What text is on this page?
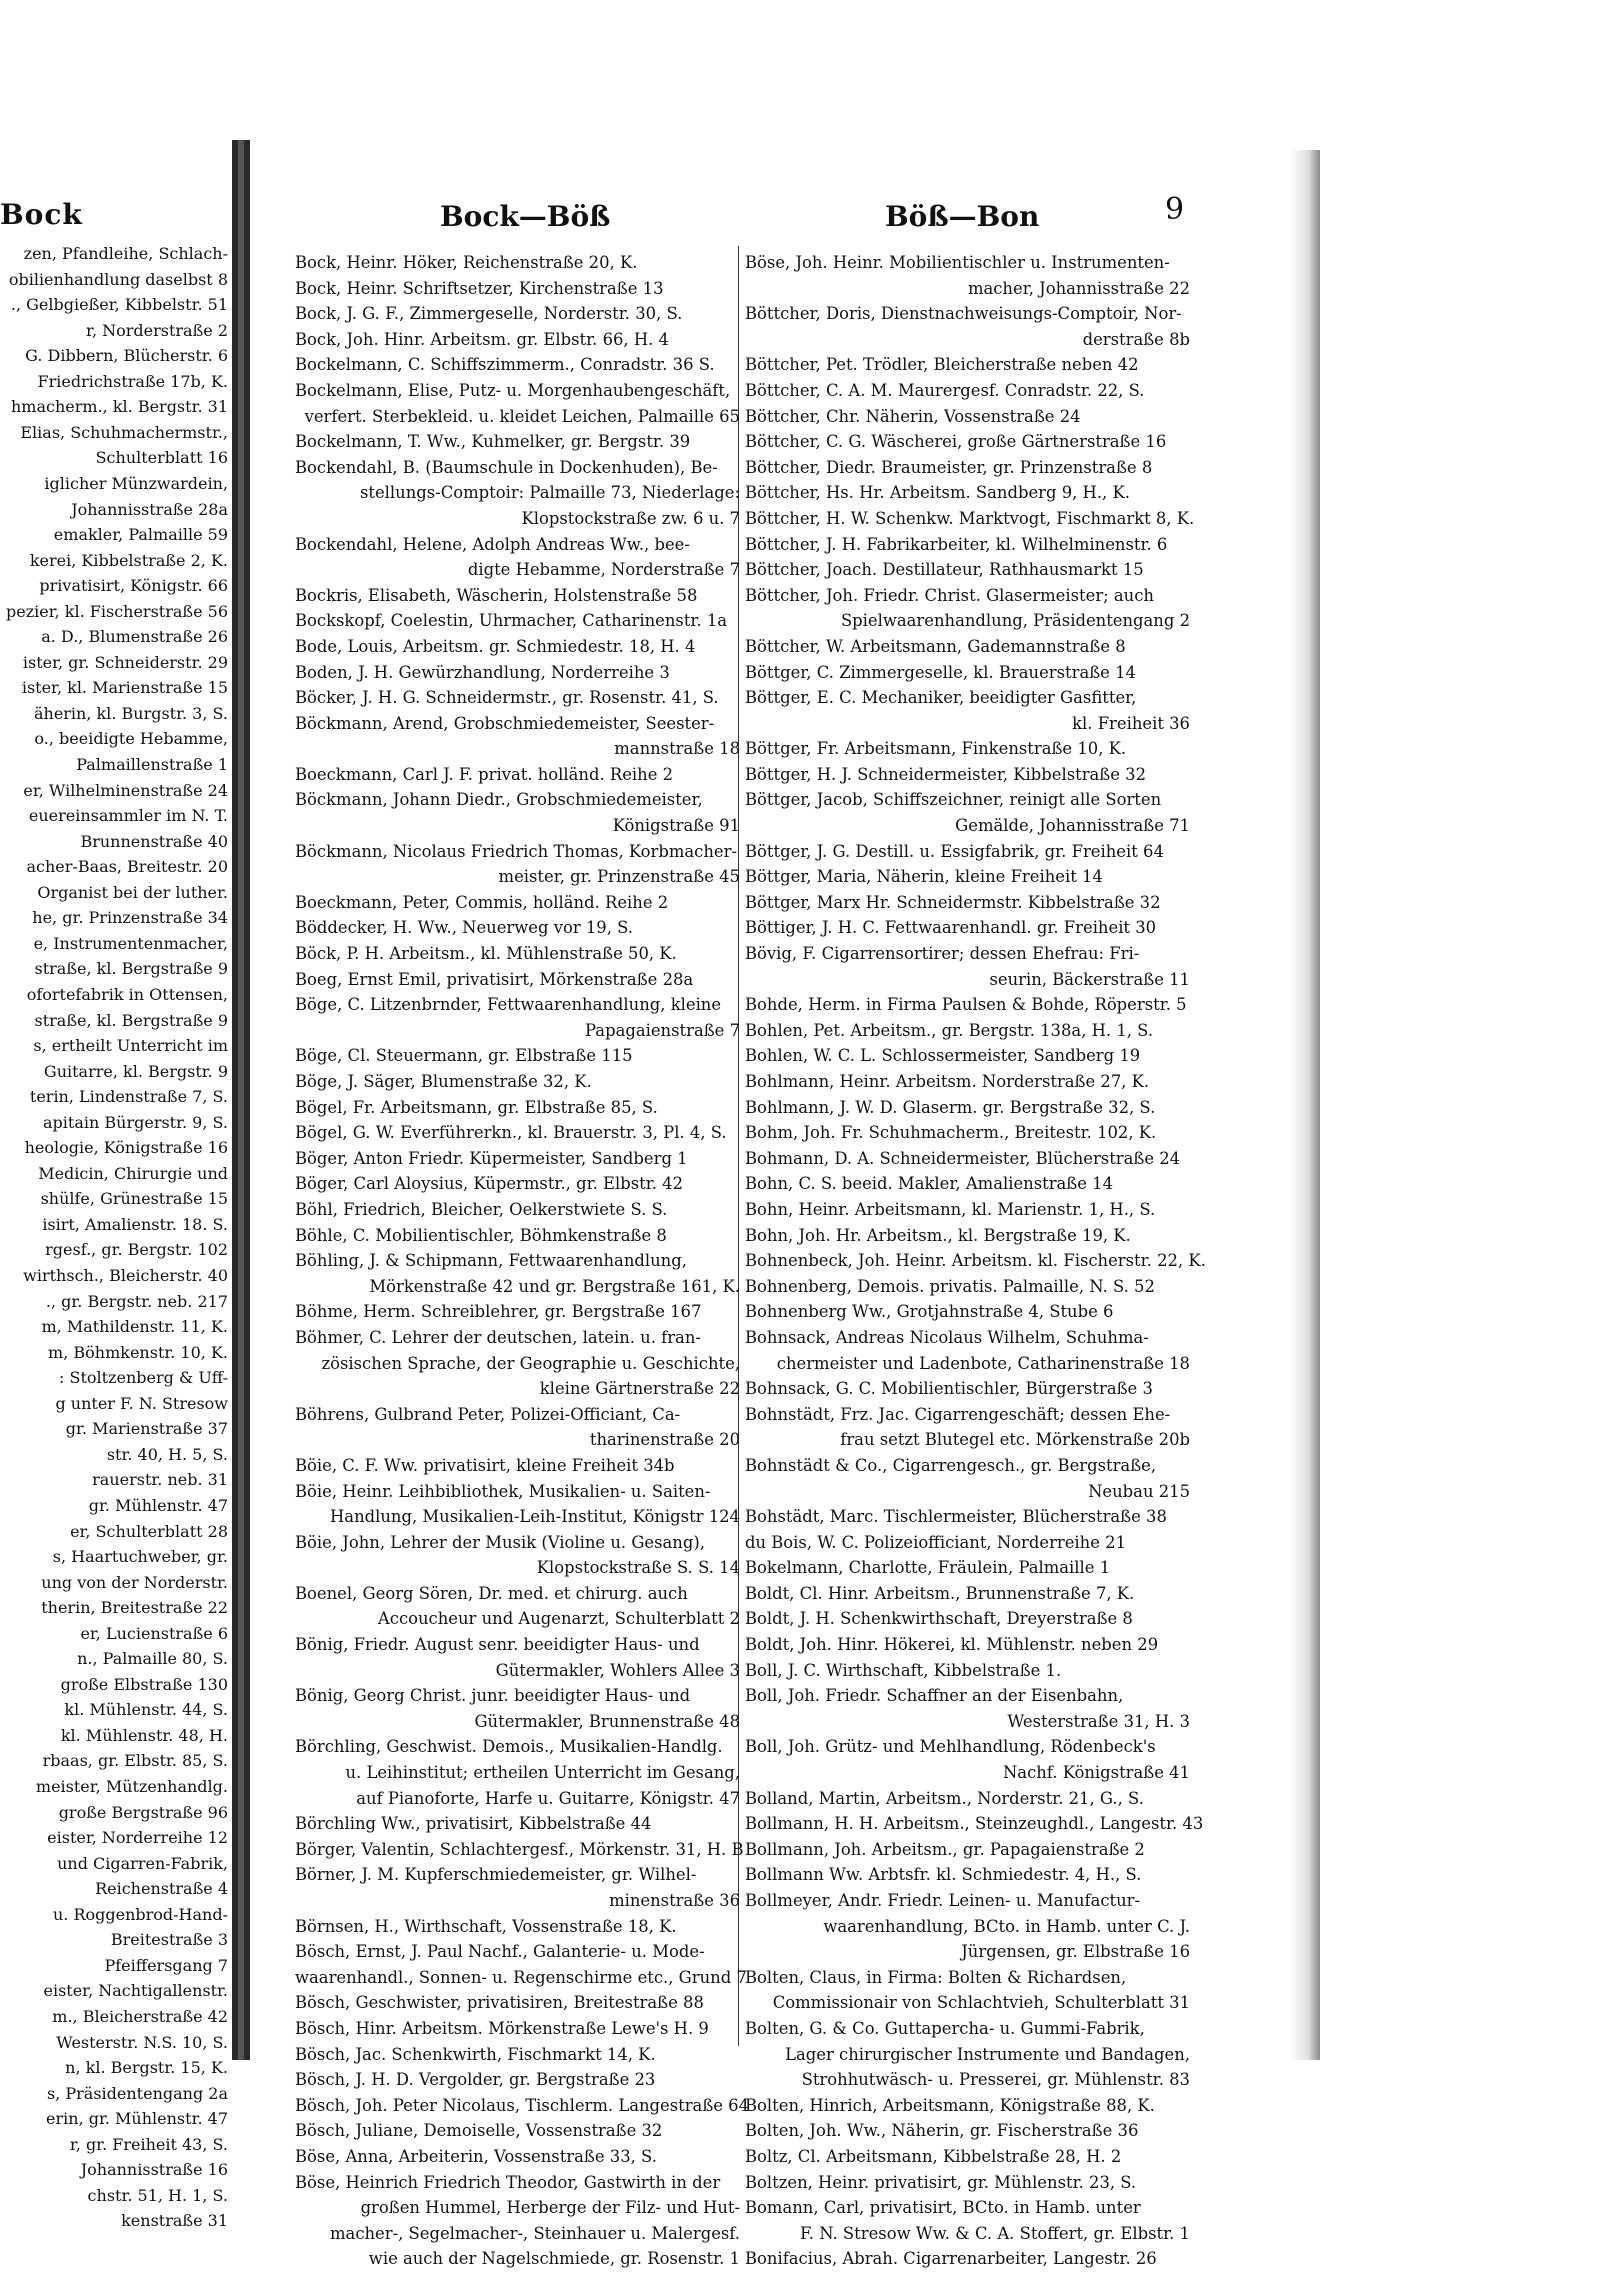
Bock
zen, Pfandleihe, Schlach-
obilienhandlung daselbst 8
., Gelbgießer, Kibbelstr. 51
r, Norderstraße 2
G. Dibbern, Blücherstr. 6
Friedrichstraße 17b, K.
hmacherm., kl. Bergstr. 31
Elias, Schuhmachermstr.,
Schulterblatt 16
iglicher Münzwardein,
Johannisstraße 28a
emakler, Palmaille 59
kerei, Kibbelstraße 2, K.
privatisirt, Königstr. 66
pezier, kl. Fischerstraße 56
a. D., Blumenstraße 26
ister, gr. Schneiderstr. 29
ister, kl. Marienstraße 15
äherin, kl. Burgstr. 3, S.
o., beeidigte Hebamme,
Palmaillenstraße 1
er, Wilhelminenstraße 24
euereinsammler im N. T.
Brunnenstraße 40
acher-Baas, Breitestr. 20
Organist bei der luther.
he, gr. Prinzenstraße 34
e, Instrumentenmacher,
straße, kl. Bergstraße 9
ofortefabrik in Ottensen,
straße, kl. Bergstraße 9
s, ertheilt Unterricht im
Guitarre, kl. Bergstr. 9
terin, Lindenstraße 7, S.
apitain Bürgerstr. 9, S.
heologie, Königstraße 16
Medicin, Chirurgie und
shülfe, Grünestraße 15
isirt, Amalienstr. 18. S.
rgesf., gr. Bergstr. 102
wirthsch., Bleicherstr. 40
., gr. Bergstr. neb. 217
m, Mathildenstr. 11, K.
m, Böhmkenstr. 10, K.
: Stoltzenberg & Uff-
g unter F. N. Stresow
gr. Marienstraße 37
str. 40, H. 5, S.
rauerstr. neb. 31
gr. Mühlenstr. 47
er, Schulterblatt 28
s, Haartuchweber, gr.
ung von der Norderstr.
therin, Breitestraße 22
er, Lucienstraße 6
n., Palmaille 80, S.
große Elbstraße 130
kl. Mühlenstr. 44, S.
kl. Mühlenstr. 48, H.
rbaas, gr. Elbstr. 85, S.
meister, Mützenhandlg.
große Bergstraße 96
eister, Norderreihe 12
und Cigarren-Fabrik,
Reichenstraße 4
u. Roggenbrod-Hand-
Breitestraße 3
Pfeiffersgang 7
eister, Nachtigallenstr.
m., Bleicherstraße 42
Westerstr. N.S. 10, S.
n, kl. Bergstr. 15, K.
s, Präsidentengang 2a
erin, gr. Mühlenstr. 47
r, gr. Freiheit 43, S.
Johannisstraße 16
chstr. 51, H. 1, S.
kenstraße 31
Bock—Böß	Böß—Bon	9
Bock, Heinr. Höker, Reichenstraße 20, K.
Bock, Heinr. Schriftsetzer, Kirchenstraße 13
Bock, J. G. F., Zimmergeselle, Norderstr. 30, S.
Bock, Joh. Hinr. Arbeitsm. gr. Elbstr. 66, H. 4
Bockelmann, C. Schiffszimmerm., Conradstr. 36 S.
Bockelmann, Elise, Putz- u. Morgenhaubengeschäft,
verfert. Sterbekleid. u. kleidet Leichen, Palmaille 65
Bockelmann, T. Ww., Kuhmelker, gr. Bergstr. 39
Bockendahl, B. (Baumschule in Dockenhuden), Be-
stellungs-Comptoir: Palmaille 73, Niederlage:
Klopstockstraße zw. 6 u. 7
Bockendahl, Helene, Adolph Andreas Ww., bee-
digte Hebamme, Norderstraße 7
Bockris, Elisabeth, Wäscherin, Holstenstraße 58
Bockskopf, Coelestin, Uhrmacher, Catharinenstr. 1a
Bode, Louis, Arbeitsm. gr. Schmiedestr. 18, H. 4
Boden, J. H. Gewürzhandlung, Norderreihe 3
Böcker, J. H. G. Schneidermstr., gr. Rosenstr. 41, S.
Böckmann, Arend, Grobschmiedemeister, Seester-
mannstraße 18
Boeckmann, Carl J. F. privat. holländ. Reihe 2
Böckmann, Johann Diedr., Grobschmiedemeister,
Königstraße 91
Böckmann, Nicolaus Friedrich Thomas, Korbmacher-
meister, gr. Prinzenstraße 45
Boeckmann, Peter, Commis, holländ. Reihe 2
Böddecker, H. Ww., Neuerweg vor 19, S.
Böck, P. H. Arbeitsm., kl. Mühlenstraße 50, K.
Boeg, Ernst Emil, privatisirt, Mörkenstraße 28a
Böge, C. Litzenbrnder, Fettwaarenhandlung, kleine
Papagaienstraße 7
Böge, Cl. Steuermann, gr. Elbstraße 115
Böge, J. Säger, Blumenstraße 32, K.
Bögel, Fr. Arbeitsmann, gr. Elbstraße 85, S.
Bögel, G. W. Everführerkn., kl. Brauerstr. 3, Pl. 4, S.
Böger, Anton Friedr. Küpermeister, Sandberg 1
Böger, Carl Aloysius, Küpermstr., gr. Elbstr. 42
Böhl, Friedrich, Bleicher, Oelkerstwiete S. S.
Böhle, C. Mobilientischler, Böhmkenstraße 8
Böhling, J. & Schipmann, Fettwaarenhandlung,
Mörkenstraße 42 und gr. Bergstraße 161, K.
Böhme, Herm. Schreiblehrer, gr. Bergstraße 167
Böhmer, C. Lehrer der deutschen, latein. u. fran-
zösischen Sprache, der Geographie u. Geschichte,
kleine Gärtnerstraße 22
Böhrens, Gulbrand Peter, Polizei-Officiant, Ca-
tharinenstraße 20
Böie, C. F. Ww. privatisirt, kleine Freiheit 34b
Böie, Heinr. Leihbibliothek, Musikalien- u. Saiten-
Handlung, Musikalien-Leih-Institut, Königstr 124
Böie, John, Lehrer der Musik (Violine u. Gesang),
Klopstockstraße S. S. 14
Boenel, Georg Sören, Dr. med. et chirurg. auch
Accoucheur und Augenarzt, Schulterblatt 2
Bönig, Friedr. August senr. beeidigter Haus- und
Gütermakler, Wohlers Allee 3
Bönig, Georg Christ. junr. beeidigter Haus- und
Gütermakler, Brunnenstraße 48
Börchling, Geschwist. Demois., Musikalien-Handlg.
u. Leihinstitut; ertheilen Unterricht im Gesang,
auf Pianoforte, Harfe u. Guitarre, Königstr. 47
Börchling Ww., privatisirt, Kibbelstraße 44
Börger, Valentin, Schlachtergesf., Mörkenstr. 31, H. B
Börner, J. M. Kupferschmiedemeister, gr. Wilhel-
minenstraße 36
Börnsen, H., Wirthschaft, Vossenstraße 18, K.
Bösch, Ernst, J. Paul Nachf., Galanterie- u. Mode-
waarenhandl., Sonnen- u. Regenschirme etc., Grund 7
Bösch, Geschwister, privatisiren, Breitestraße 88
Bösch, Hinr. Arbeitsm. Mörkenstraße Lewe's H. 9
Bösch, Jac. Schenkwirth, Fischmarkt 14, K.
Bösch, J. H. D. Vergolder, gr. Bergstraße 23
Bösch, Joh. Peter Nicolaus, Tischlerm. Langestraße 64
Bösch, Juliane, Demoiselle, Vossenstraße 32
Böse, Anna, Arbeiterin, Vossenstraße 33, S.
Böse, Heinrich Friedrich Theodor, Gastwirth in der
großen Hummel, Herberge der Filz- und Hut-
macher-, Segelmacher-, Steinhauer u. Malergesf.
wie auch der Nagelschmiede, gr. Rosenstr. 1
Böse, Joh. Heinr. Mobilientischler u. Instrumenten-
macher, Johannisstraße 22
Böttcher, Doris, Dienstnachweisungs-Comptoir, Nor-
derstraße 8b
Böttcher, Pet. Trödler, Bleicherstraße neben 42
Böttcher, C. A. M. Maurergesf. Conradstr. 22, S.
Böttcher, Chr. Näherin, Vossenstraße 24
Böttcher, C. G. Wäscherei, große Gärtnerstraße 16
Böttcher, Diedr. Braumeister, gr. Prinzenstraße 8
Böttcher, Hs. Hr. Arbeitsm. Sandberg 9, H., K.
Böttcher, H. W. Schenkw. Marktvogt, Fischmarkt 8, K.
Böttcher, J. H. Fabrikarbeiter, kl. Wilhelminenstr. 6
Böttcher, Joach. Destillateur, Rathhausmarkt 15
Böttcher, Joh. Friedr. Christ. Glasermeister; auch
Spielwaarenhandlung, Präsidentengang 2
Böttcher, W. Arbeitsmann, Gademannstraße 8
Böttger, C. Zimmergeselle, kl. Brauerstraße 14
Böttger, E. C. Mechaniker, beeidigter Gasfitter,
kl. Freiheit 36
Böttger, Fr. Arbeitsmann, Finkenstraße 10, K.
Böttger, H. J. Schneidermeister, Kibbelstraße 32
Böttger, Jacob, Schiffszeichner, reinigt alle Sorten
Gemälde, Johannisstraße 71
Böttger, J. G. Destill. u. Essigfabrik, gr. Freiheit 64
Böttger, Maria, Näherin, kleine Freiheit 14
Böttger, Marx Hr. Schneidermstr. Kibbelstraße 32
Böttiger, J. H. C. Fettwaarenhandl. gr. Freiheit 30
Bövig, F. Cigarrensortirer; dessen Ehefrau: Fri-
seurin, Bäckerstraße 11
Bohde, Herm. in Firma Paulsen & Bohde, Röperstr. 5
Bohlen, Pet. Arbeitsm., gr. Bergstr. 138a, H. 1, S.
Bohlen, W. C. L. Schlossermeister, Sandberg 19
Bohlmann, Heinr. Arbeitsm. Norderstraße 27, K.
Bohlmann, J. W. D. Glaserm. gr. Bergstraße 32, S.
Bohm, Joh. Fr. Schuhmacherm., Breitestr. 102, K.
Bohmann, D. A. Schneidermeister, Blücherstraße 24
Bohn, C. S. beeid. Makler, Amalienstraße 14
Bohn, Heinr. Arbeitsmann, kl. Marienstr. 1, H., S.
Bohn, Joh. Hr. Arbeitsm., kl. Bergstraße 19, K.
Bohnenbeck, Joh. Heinr. Arbeitsm. kl. Fischerstr. 22, K.
Bohnenberg, Demois. privatis. Palmaille, N. S. 52
Bohnenberg Ww., Grotjahnstraße 4, Stube 6
Bohnsack, Andreas Nicolaus Wilhelm, Schuhma-
chermeister und Ladenbote, Catharinenstraße 18
Bohnsack, G. C. Mobilientischler, Bürgerstraße 3
Bohnstädt, Frz. Jac. Cigarrengeschäft; dessen Ehe-
frau setzt Blutegel etc. Mörkenstraße 20b
Bohnstädt & Co., Cigarrengesch., gr. Bergstraße,
Neubau 215
Bohstädt, Marc. Tischlermeister, Blücherstraße 38
du Bois, W. C. Polizeiofficiant, Norderreihe 21
Bokelmann, Charlotte, Fräulein, Palmaille 1
Boldt, Cl. Hinr. Arbeitsm., Brunnenstraße 7, K.
Boldt, J. H. Schenkwirthschaft, Dreyerstraße 8
Boldt, Joh. Hinr. Hökerei, kl. Mühlenstr. neben 29
Boll, J. C. Wirthschaft, Kibbelstraße 1.
Boll, Joh. Friedr. Schaffner an der Eisenbahn,
Westerstraße 31, H. 3
Boll, Joh. Grütz- und Mehlhandlung, Rödenbeck's
Nachf. Königstraße 41
Bolland, Martin, Arbeitsm., Norderstr. 21, G., S.
Bollmann, H. H. Arbeitsm., Steinzeughdl., Langestr. 43
Bollmann, Joh. Arbeitsm., gr. Papagaienstraße 2
Bollmann Ww. Arbtsfr. kl. Schmiedestr. 4, H., S.
Bollmeyer, Andr. Friedr. Leinen- u. Manufactur-
waarenhandlung, BCto. in Hamb. unter C. J.
Jürgensen, gr. Elbstraße 16
Bolten, Claus, in Firma: Bolten & Richardsen,
Commissionair von Schlachtvieh, Schulterblatt 31
Bolten, G. & Co. Guttapercha- u. Gummi-Fabrik,
Lager chirurgischer Instrumente und Bandagen,
Strohhutwäsch- u. Presserei, gr. Mühlenstr. 83
Bolten, Hinrich, Arbeitsmann, Königstraße 88, K.
Bolten, Joh. Ww., Näherin, gr. Fischerstraße 36
Boltz, Cl. Arbeitsmann, Kibbelstraße 28, H. 2
Boltzen, Heinr. privatisirt, gr. Mühlenstr. 23, S.
Bomann, Carl, privatisirt, BCto. in Hamb. unter
F. N. Stresow Ww. & C. A. Stoffert, gr. Elbstr. 1
Bonifacius, Abrah. Cigarrenarbeiter, Langestr. 26
